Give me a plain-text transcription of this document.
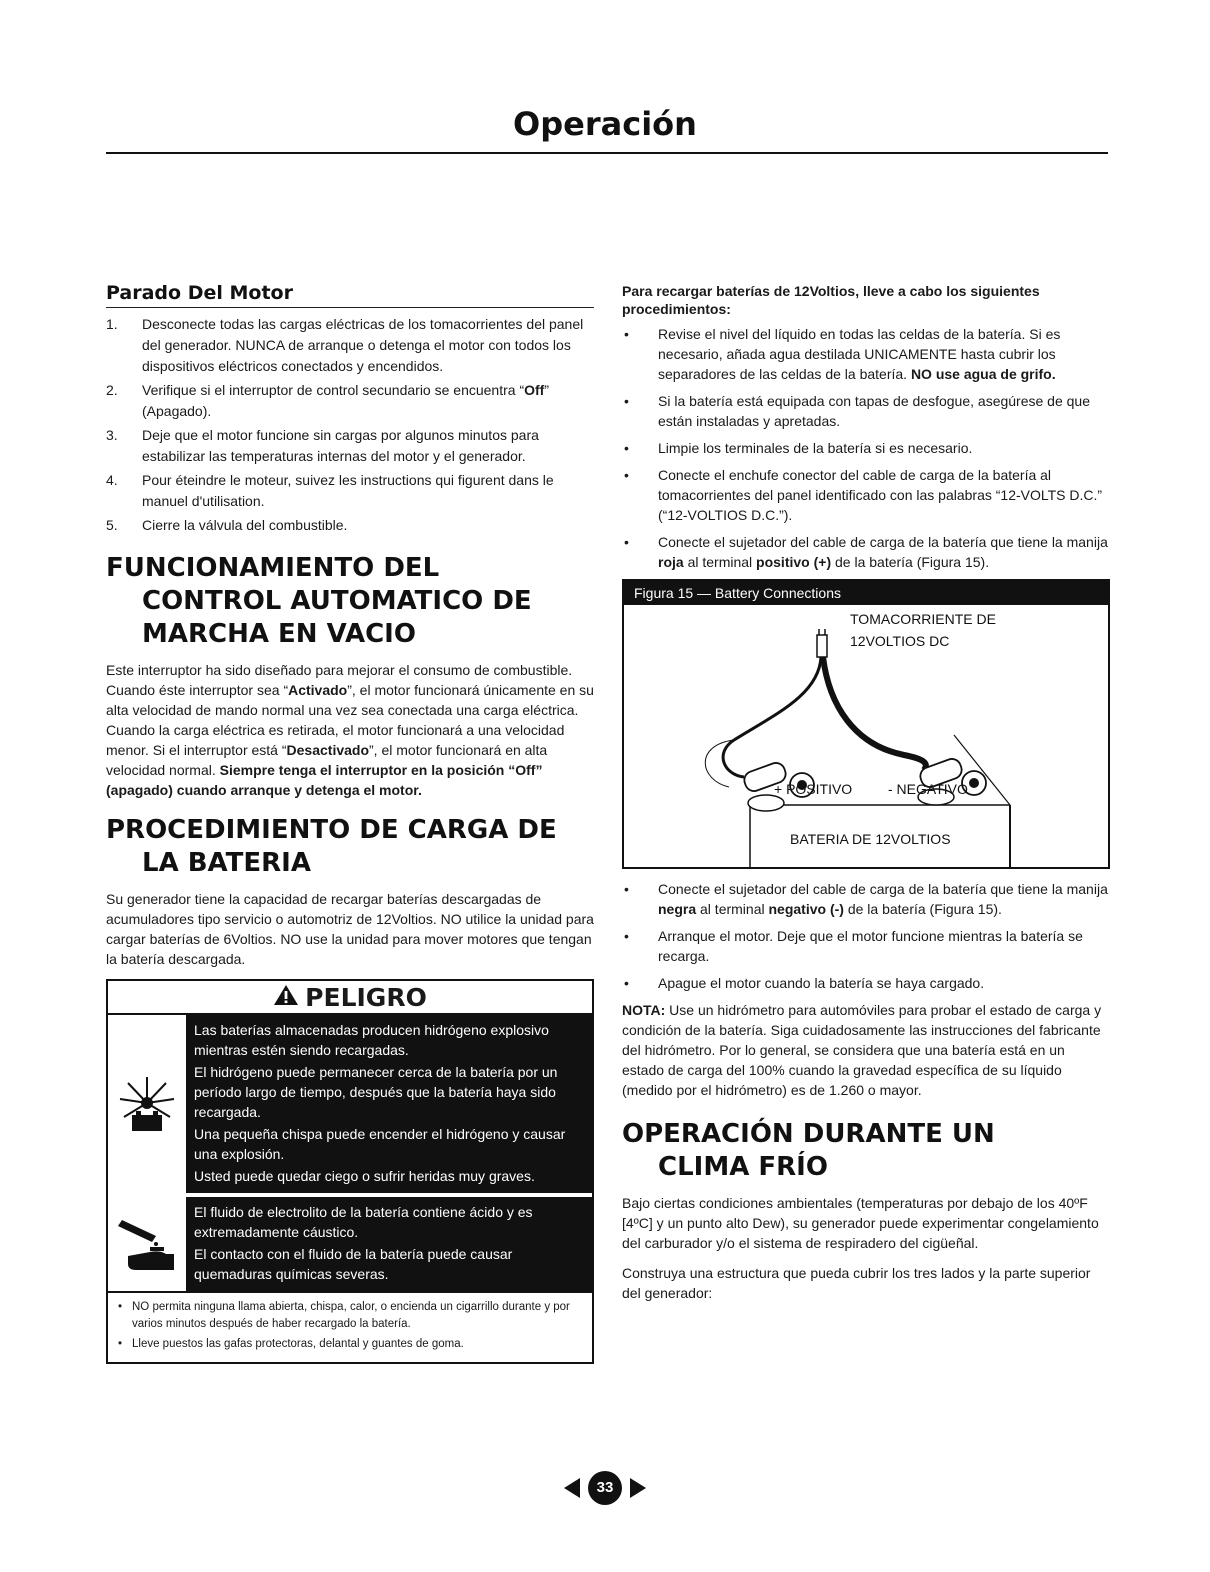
Operación
Parado Del Motor
1. Desconecte todas las cargas eléctricas de los tomacorrientes del panel del generador. NUNCA de arranque o detenga el motor con todos los dispositivos eléctricos conectados y encendidos.
2. Verifique si el interruptor de control secundario se encuentra “Off” (Apagado).
3. Deje que el motor funcione sin cargas por algunos minutos para estabilizar las temperaturas internas del motor y el generador.
4. Pour éteindre le moteur, suivez les instructions qui figurent dans le manuel d'utilisation.
5. Cierre la válvula del combustible.
FUNCIONAMIENTO DEL
CONTROL AUTOMATICO DE
MARCHA EN VACIO

Este interruptor ha sido diseñado para mejorar el consumo de combustible. Cuando éste interruptor sea “Activado”, el motor funcionará únicamente en su alta velocidad de mando normal una vez sea conectada una carga eléctrica. Cuando la carga eléctrica es retirada, el motor funcionará a una velocidad menor. Si el interruptor está “Desactivado”, el motor funcionará en alta velocidad normal. Siempre tenga el interruptor en la posición “Off” (apagado) cuando arranque y detenga el motor.

PROCEDIMIENTO DE CARGA DE
LA BATERIA

Su generador tiene la capacidad de recargar baterías descargadas de acumuladores tipo servicio o automotriz de 12Voltios. NO utilice la unidad para cargar baterías de 6Voltios. NO use la unidad para mover motores que tengan la batería descargada.

PELIGRO

Las baterías almacenadas producen hidrógeno explosivo mientras estén siendo recargadas.

El hidrógeno puede permanecer cerca de la batería por un período largo de tiempo, después que la batería haya sido recargada.

Una pequeña chispa puede encender el hidrógeno y causar una explosión.

Usted puede quedar ciego o sufrir heridas muy graves.

El fluido de electrolito de la batería contiene ácido y es extremadamente cáustico.

El contacto con el fluido de la batería puede causar quemaduras químicas severas.

• NO permita ninguna llama abierta, chispa, calor, o encienda un cigarrillo durante y por varios minutos después de haber recargado la batería.
• Lleve puestos las gafas protectoras, delantal y guantes de goma.

Para recargar baterías de 12Voltios, lleve a cabo los siguientes procedimientos:

• Revise el nivel del líquido en todas las celdas de la batería. Si es necesario, añada agua destilada UNICAMENTE hasta cubrir los separadores de las celdas de la batería. NO use agua de grifo.
• Si la batería está equipada con tapas de desfogue, asegúrese de que están instaladas y apretadas.
• Limpie los terminales de la batería si es necesario.
• Conecte el enchufe conector del cable de carga de la batería al tomacorrientes del panel identificado con las palabras “12-VOLTS D.C.” (“12-VOLTIOS D.C.”).
• Conecte el sujetador del cable de carga de la batería que tiene la manija roja al terminal positivo (+) de la batería (Figura 15).
Figura 15 — Battery Connections
TOMACORRIENTE DE
12VOLTIOS DC
+ POSITIVO	- NEGATIVO
BATERIA DE 12VOLTIOS
• Conecte el sujetador del cable de carga de la batería que tiene la manija negra al terminal negativo (-) de la batería (Figura 15).
• Arranque el motor. Deje que el motor funcione mientras la batería se recarga.
• Apague el motor cuando la batería se haya cargado.

NOTA: Use un hidrómetro para automóviles para probar el estado de carga y condición de la batería. Siga cuidadosamente las instrucciones del fabricante del hidrómetro. Por lo general, se considera que una batería está en un estado de carga del 100% cuando la gravedad específica de su líquido (medido por el hidrómetro) es de 1.260 o mayor.

OPERACIÓN DURANTE UN
CLIMA FRÍO

Bajo ciertas condiciones ambientales (temperaturas por debajo de los 40ºF [4ºC] y un punto alto Dew), su generador puede experimentar congelamiento del carburador y/o el sistema de respiradero del cigüeñal.

Construya una estructura que pueda cubrir los tres lados y la parte superior del generador:

33
